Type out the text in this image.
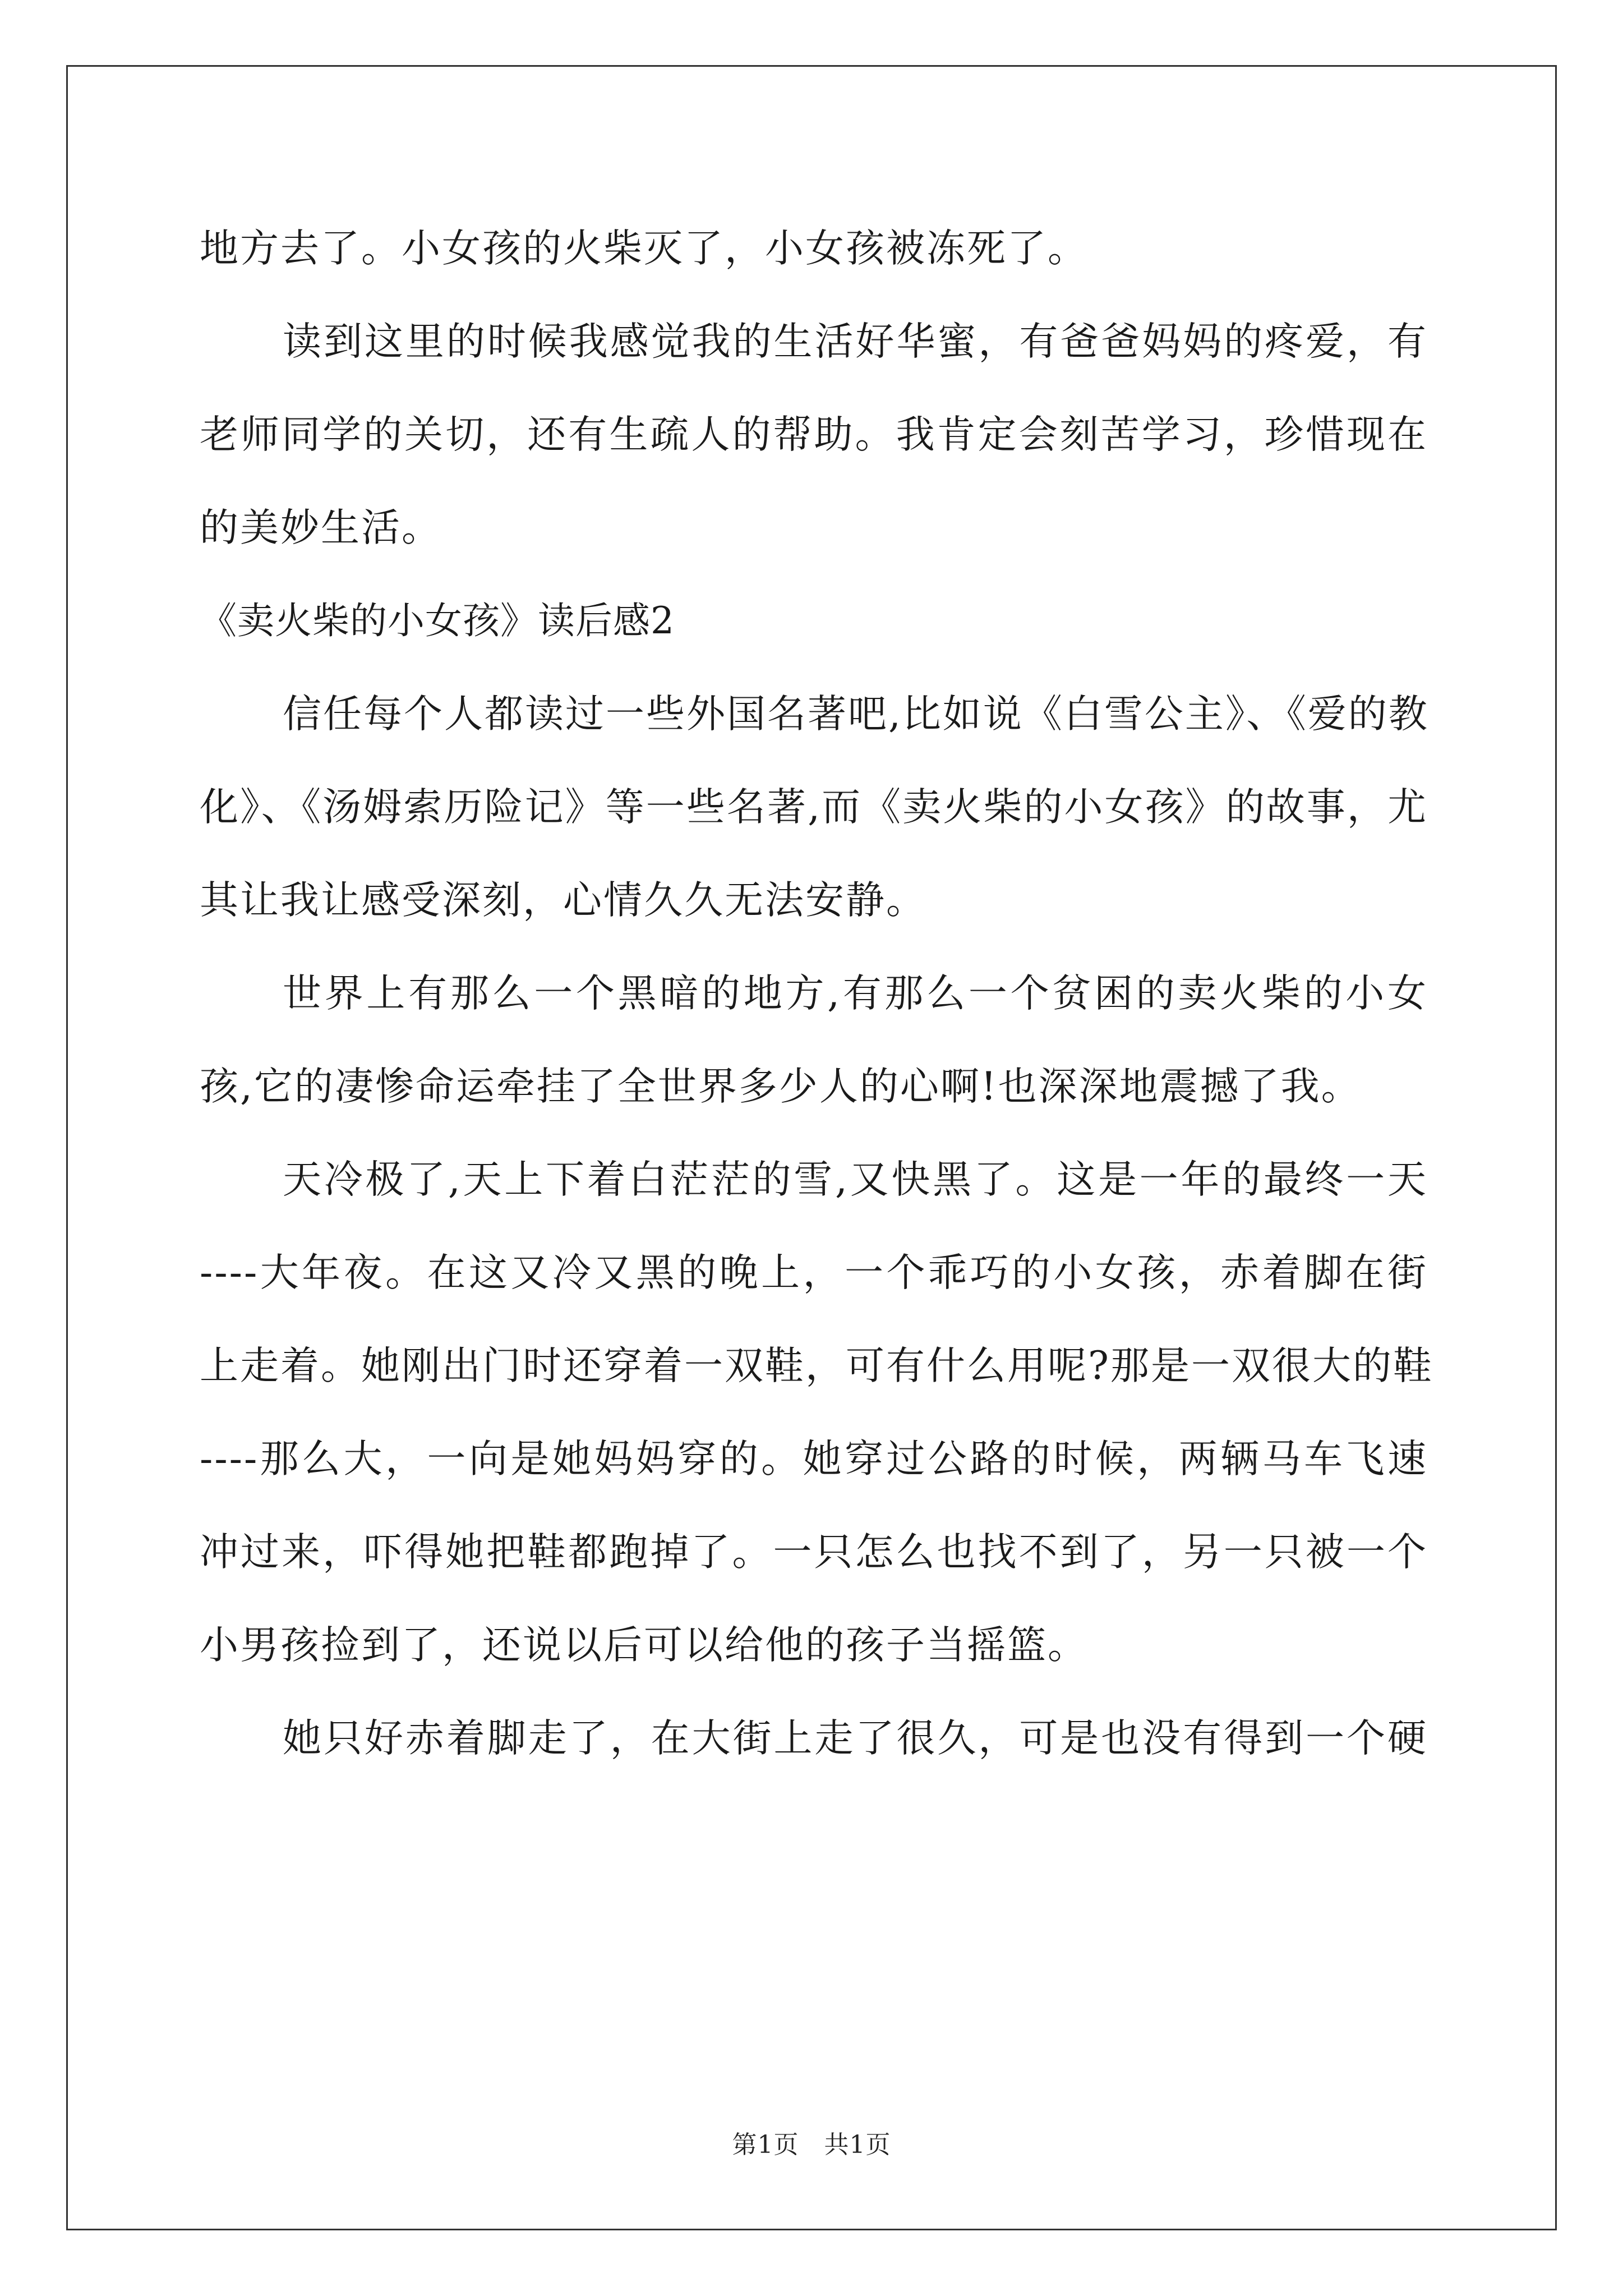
地方去了。小女孩的火柴灭了，小女孩被冻死了。
读到这里的时候我感觉我的生活好华蜜，有爸爸妈妈的疼爱，有
老师同学的关切，还有生疏人的帮助。我肯定会刻苦学习，珍惜现在
的美妙生活。
《卖火柴的小女孩》读后感2
信任每个人都读过一些外国名著吧,比如说《白雪公主》、《爱的教
化》、《汤姆索历险记》等一些名著,而《卖火柴的小女孩》的故事，尤
其让我让感受深刻，心情久久无法安静。
世界上有那么一个黑暗的地方,有那么一个贫困的卖火柴的小女
孩,它的凄惨命运牵挂了全世界多少人的心啊!也深深地震撼了我。
天冷极了,天上下着白茫茫的雪,又快黑了。这是一年的最终一天
----大年夜。在这又冷又黑的晚上，一个乖巧的小女孩，赤着脚在街
上走着。她刚出门时还穿着一双鞋，可有什么用呢?那是一双很大的鞋
----那么大，一向是她妈妈穿的。她穿过公路的时候，两辆马车飞速
冲过来，吓得她把鞋都跑掉了。一只怎么也找不到了，另一只被一个
小男孩捡到了，还说以后可以给他的孩子当摇篮。
她只好赤着脚走了，在大街上走了很久，可是也没有得到一个硬
第1页　共1页
